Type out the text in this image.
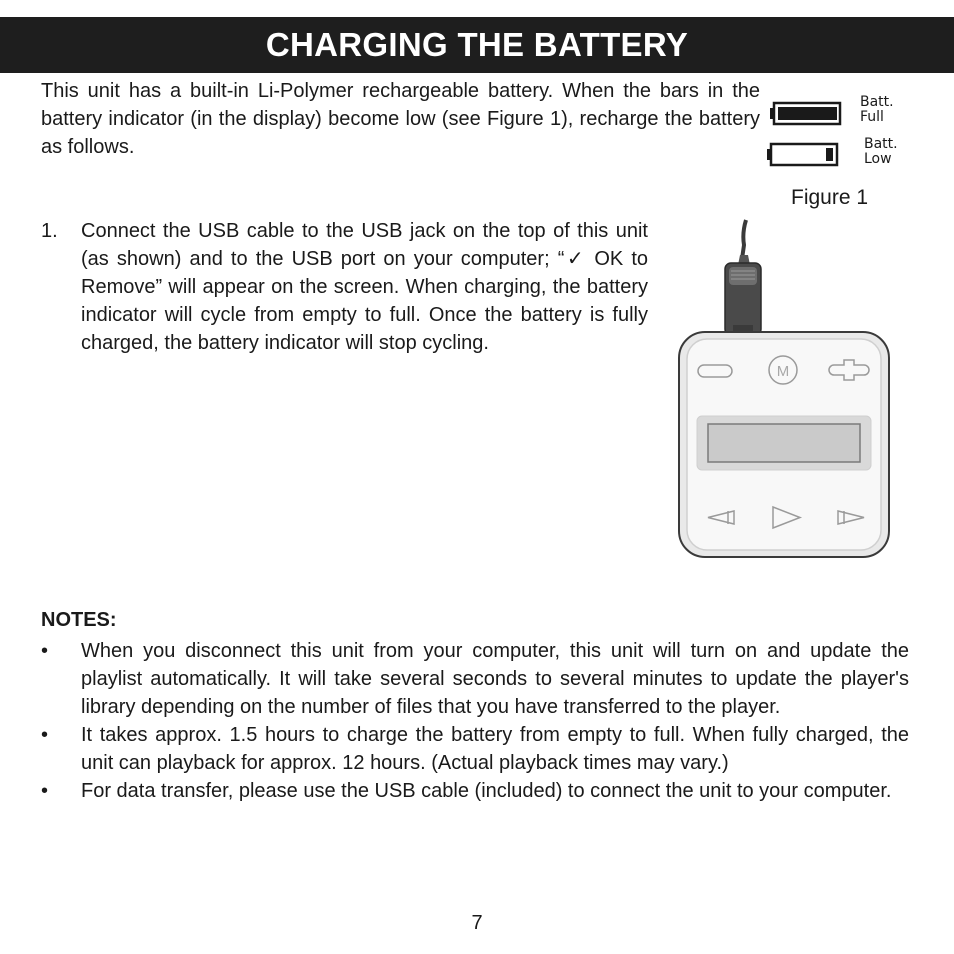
CHARGING THE BATTERY

This unit has a built-in Li-Polymer rechargeable battery. When the bars in the battery indicator (in the display) become low (see Figure 1), recharge the battery as follows.

Batt.
Full
Batt.
Low
Figure 1
1. Connect the USB cable to the USB jack on the top of this unit (as shown) and to the USB port on your computer; “✓ OK to Remove” will appear on the screen. When charging, the battery indicator will cycle from empty to full. Once the battery is fully charged, the battery indicator will stop cycling.
M
NOTES:
• When you disconnect this unit from your computer, this unit will turn on and update the playlist automatically. It will take several seconds to several minutes to update the player's library depending on the number of files that you have transferred to the player.
• It takes approx. 1.5 hours to charge the battery from empty to full. When fully charged, the unit can playback for approx. 12 hours. (Actual playback times may vary.)
• For data transfer, please use the USB cable (included) to connect the unit to your computer.
7
